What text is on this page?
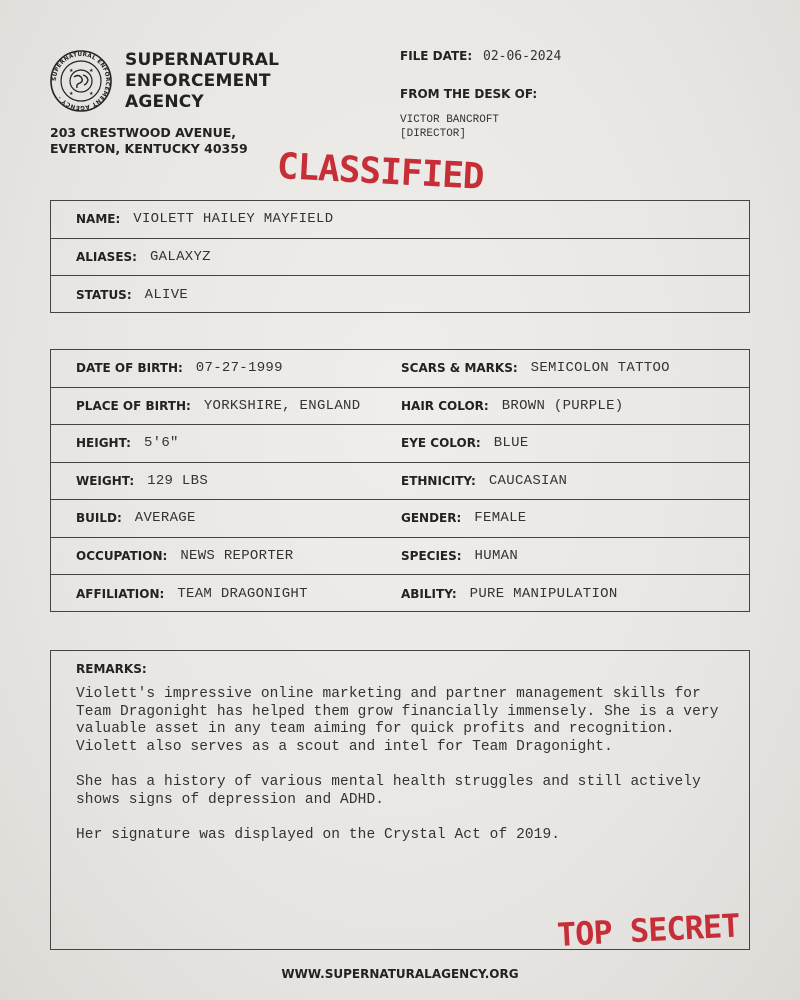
SUPERNATURAL ENFORCEMENT AGENCY ·
★	★
★	★
SUPERNATURAL
ENFORCEMENT
AGENCY
203 CRESTWOOD AVENUE,
EVERTON, KENTUCKY 40359
FILE DATE: 02-06-2024
FROM THE DESK OF:
VICTOR BANCROFT
[DIRECTOR]
CLASSIFIED
NAME: VIOLETT HAILEY MAYFIELD
ALIASES: GALAXYZ
STATUS: ALIVE
DATE OF BIRTH: 07-27-1999	SCARS & MARKS: SEMICOLON TATTOO
PLACE OF BIRTH: YORKSHIRE, ENGLAND	HAIR COLOR: BROWN (PURPLE)
HEIGHT: 5'6"	EYE COLOR: BLUE
WEIGHT: 129 LBS	ETHNICITY: CAUCASIAN
BUILD: AVERAGE	GENDER: FEMALE
OCCUPATION: NEWS REPORTER	SPECIES: HUMAN
AFFILIATION: TEAM DRAGONIGHT	ABILITY: PURE MANIPULATION
REMARKS:

Violett's impressive online marketing and partner management skills for Team Dragonight has helped them grow financially immensely. She is a very valuable asset in any team aiming for quick profits and recognition. Violett also serves as a scout and intel for Team Dragonight.

She has a history of various mental health struggles and still actively shows signs of depression and ADHD.

Her signature was displayed on the Crystal Act of 2019.

TOP SECRET
WWW.SUPERNATURALAGENCY.ORG
